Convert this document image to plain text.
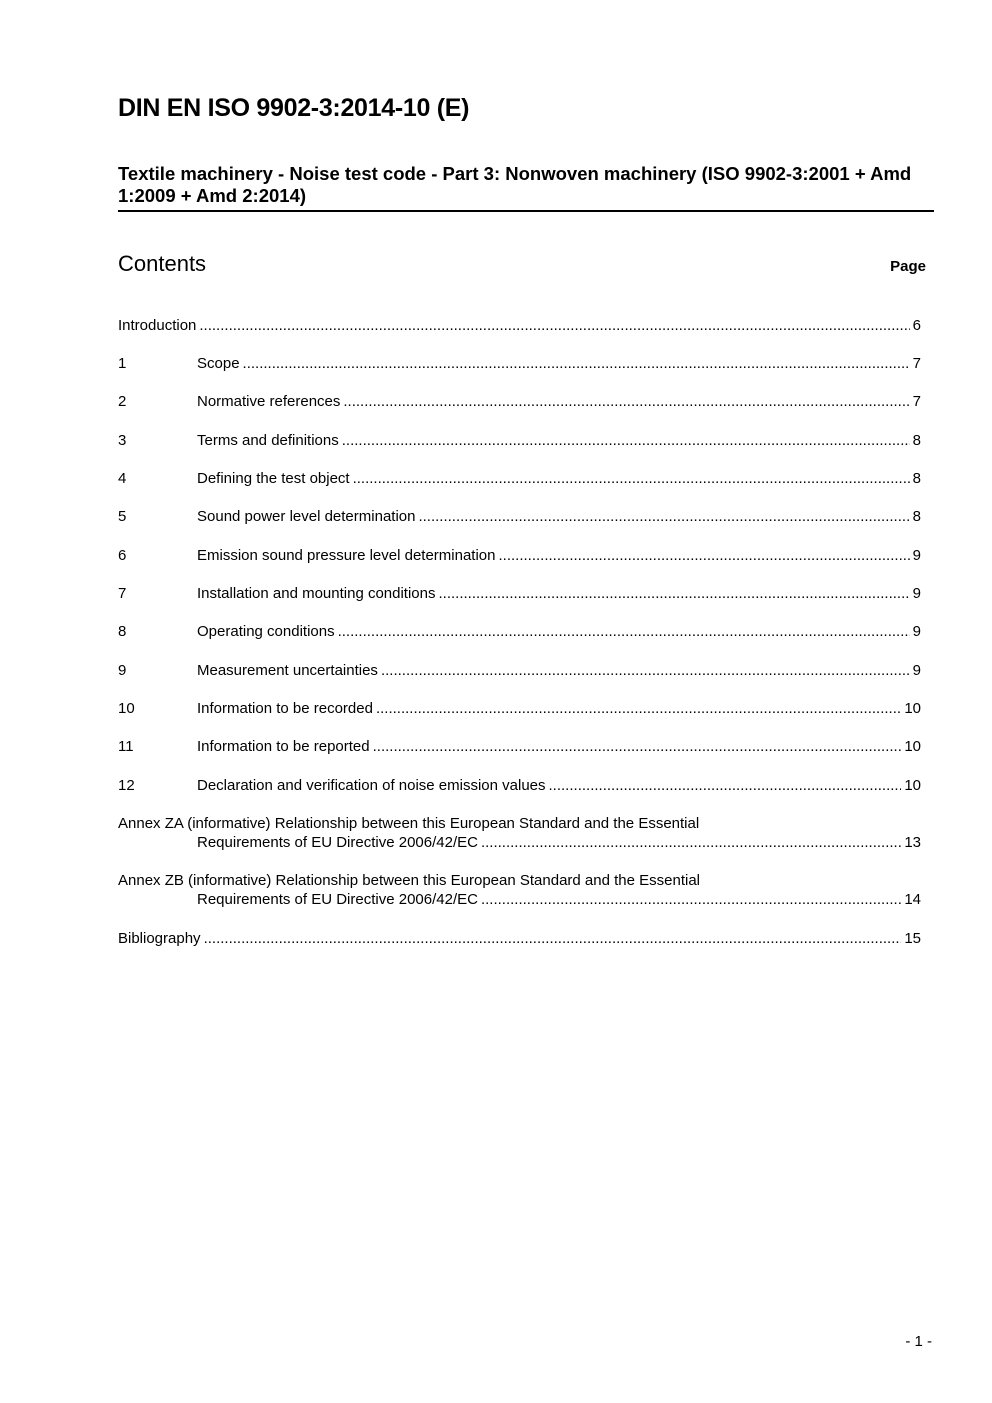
DIN EN ISO 9902-3:2014-10 (E)
Textile machinery - Noise test code - Part 3: Nonwoven machinery (ISO 9902-3:2001 + Amd 1:2009 + Amd 2:2014)
Contents	Page
Introduction .....	6
1	Scope .....	7
2	Normative references .....	7
3	Terms and definitions .....	8
4	Defining the test object .....	8
5	Sound power level determination .....	8
6	Emission sound pressure level determination .....	9
7	Installation and mounting conditions .....	9
8	Operating conditions .....	9
9	Measurement uncertainties .....	9
10	Information to be recorded .....	10
11	Information to be reported .....	10
12	Declaration and verification of noise emission values .....	10
Annex ZA (informative) Relationship between this European Standard and the Essential
Requirements of EU Directive 2006/42/EC .....	13
Annex ZB (informative) Relationship between this European Standard and the Essential
Requirements of EU Directive 2006/42/EC .....	14
Bibliography .....	15
- 1 -
